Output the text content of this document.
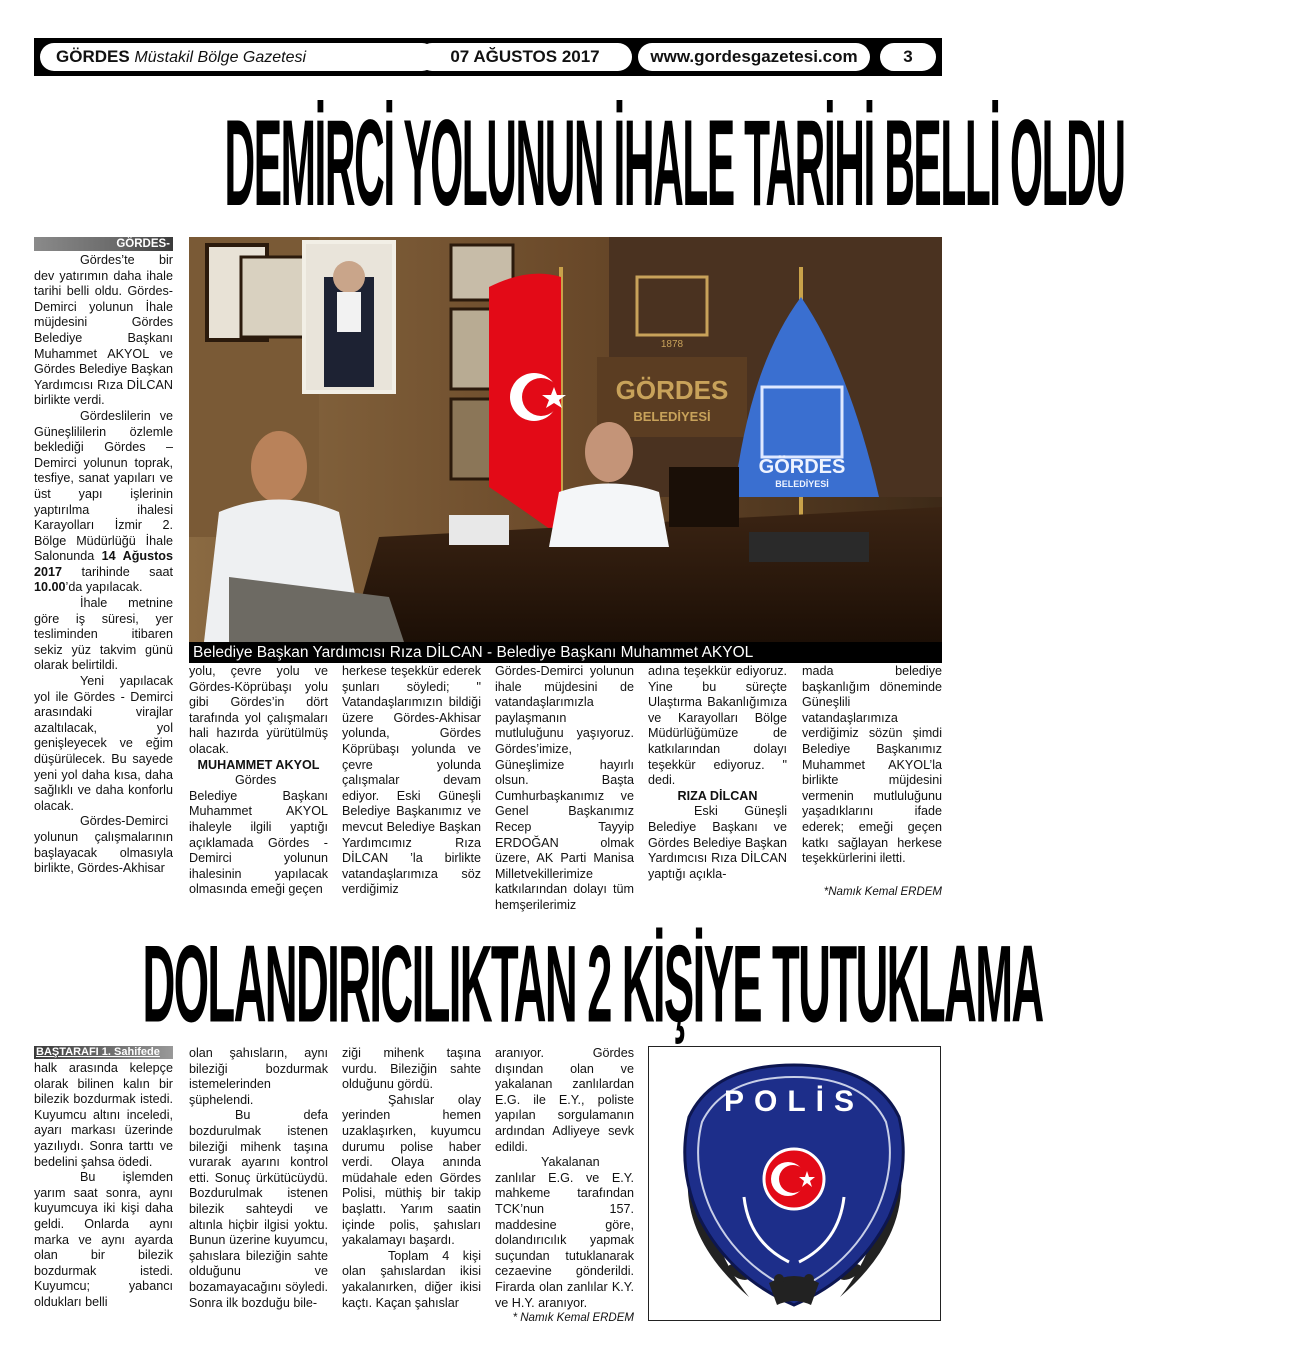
GÖRDES Müstakil Bölge Gazetesi	07 AĞUSTOS 2017	www.gordesgazetesi.com	3
DEMİRCİ YOLUNUN İHALE TARİHİ BELLİ OLDU
GÖRDES-

Gördes’te bir dev yatırımın daha ihale tarihi belli oldu. Gördes-Demirci yolunun İhale müjdesini Gördes Belediye Başkanı Muhammet AKYOL ve Gördes Belediye Başkan Yardımcısı Rıza DİLCAN birlikte verdi.

Gördeslilerin ve Güneşlililerin özlemle beklediği Gördes – Demirci yolunun toprak, tesfiye, sanat yapıları ve üst yapı işlerinin yaptırılma ihalesi Karayolları İzmir 2. Bölge Müdürlüğü İhale Salonunda 14 Ağustos 2017 tarihinde saat 10.00’da yapılacak.

İhale metnine göre iş süresi, yer tesliminden itibaren sekiz yüz takvim günü olarak belirtildi.

Yeni yapılacak yol ile Gördes - Demirci arasındaki virajlar azaltılacak, yol genişleyecek ve eğim düşürülecek. Bu sayede yeni yol daha kısa, daha sağlıklı ve daha konforlu olacak.

Gördes-Demirci yolunun çalışmalarının başlayacak olmasıyla birlikte, Gördes-Akhisar

GÖRDES
BELEDİYESİ
1878
GÖRDES
BELEDİYESİ
Belediye Başkan Yardımcısı Rıza DİLCAN - Belediye Başkanı Muhammet AKYOL

yolu, çevre yolu ve Gördes-Köprübaşı yolu gibi Gördes’in dört tarafında yol çalışmaları hali hazırda yürütülmüş olacak.

MUHAMMET AKYOL

Gördes Belediye Başkanı Muhammet AKYOL ihaleyle ilgili yaptığı açıklamada Gördes - Demirci yolunun ihalesinin yapılacak olmasında emeği geçen

herkese teşekkür ederek şunları söyledi; " Vatandaşlarımızın bildiği üzere Gördes-Akhisar yolunda, Gördes Köprübaşı yolunda ve çevre yolunda çalışmalar devam ediyor. Eski Güneşli Belediye Başkanımız ve mevcut Belediye Başkan Yardımcımız Rıza DİLCAN ’la birlikte vatandaşlarımıza söz verdiğimiz

Gördes-Demirci yolunun ihale müjdesini de vatandaşlarımızla paylaşmanın mutluluğunu yaşıyoruz. Gördes’imize, Güneşlimize hayırlı olsun. Başta Cumhurbaşkanımız ve Genel Başkanımız Recep Tayyip ERDOĞAN olmak üzere, AK Parti Manisa Milletvekillerimize katkılarından dolayı tüm hemşerilerimiz

adına teşekkür ediyoruz. Yine bu süreçte Ulaştırma Bakanlığımıza ve Karayolları Bölge Müdürlüğümüze de katkılarından dolayı teşekkür ediyoruz. " dedi.

RIZA DİLCAN

Eski Güneşli Belediye Başkanı ve Gördes Belediye Başkan Yardımcısı Rıza DİLCAN yaptığı açıkla-

mada belediye başkanlığım döneminde Güneşlili vatandaşlarımıza verdiğimiz sözün şimdi Belediye Başkanımız Muhammet AKYOL’la birlikte müjdesini vermenin mutluluğunu yaşadıklarını ifade ederek; emeği geçen katkı sağlayan herkese teşekkürlerini iletti.

*Namık Kemal ERDEM

DOLANDIRICILIKTAN 2 KİŞİYE TUTUKLAMA
BAŞTARAFI 1. Sahifede

halk arasında kelepçe olarak bilinen kalın bir bilezik bozdurmak istedi. Kuyumcu altını inceledi, ayarı markası üzerinde yazılıydı. Sonra tarttı ve bedelini şahsa ödedi.

Bu işlemden yarım saat sonra, aynı kuyumcuya iki kişi daha geldi. Onlarda aynı marka ve aynı ayarda olan bir bilezik bozdurmak istedi. Kuyumcu; yabancı oldukları belli

olan şahısların, aynı bileziği bozdurmak istemelerinden şüphelendi.

Bu defa bozdurulmak istenen bileziği mihenk taşına vurarak ayarını kontrol etti. Sonuç ürkütücüydü. Bozdurulmak istenen bilezik sahteydi ve altınla hiçbir ilgisi yoktu. Bunun üzerine kuyumcu, şahıslara bileziğin sahte olduğunu ve bozamayacağını söyledi. Sonra ilk bozduğu bile-

ziği mihenk taşına vurdu. Bileziğin sahte olduğunu gördü.

Şahıslar olay yerinden hemen uzaklaşırken, kuyumcu durumu polise haber verdi. Olaya anında müdahale eden Gördes Polisi, müthiş bir takip başlattı. Yarım saatin içinde polis, şahısları yakalamayı başardı.

Toplam 4 kişi olan şahıslardan ikisi yakalanırken, diğer ikisi kaçtı. Kaçan şahıslar

aranıyor. Gördes dışından olan ve yakalanan zanlılardan E.G. ile E.Y., poliste yapılan sorgulamanın ardından Adliyeye sevk edildi.

Yakalanan zanlılar E.G. ve E.Y. mahkeme tarafından TCK’nun 157. maddesine göre, dolandırıcılık yapmak suçundan tutuklanarak cezaevine gönderildi. Firarda olan zanlılar K.Y. ve H.Y. aranıyor.

* Namık Kemal ERDEM

POLİS
